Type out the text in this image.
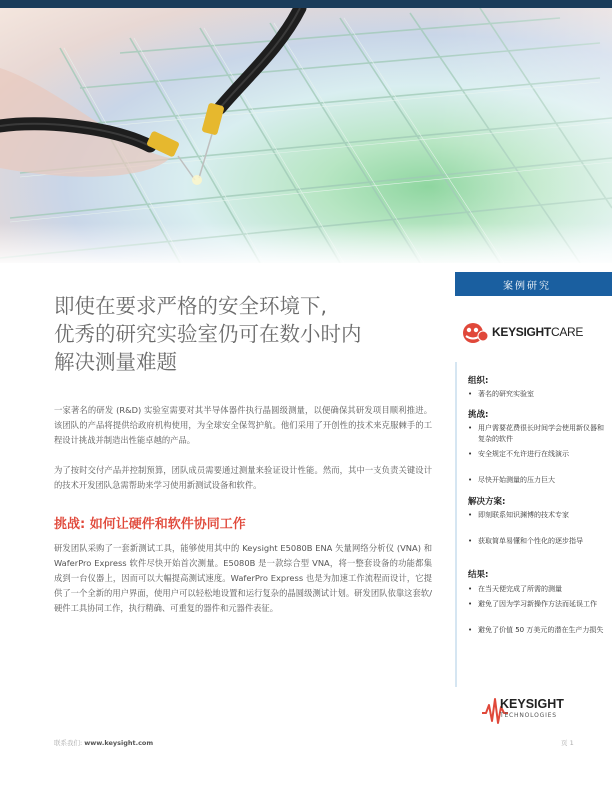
案例研究
即使在要求严格的安全环境下,
优秀的研究实验室仍可在数小时内
解决测量难题
KEYSIGHTCARE
组织:
• 著名的研究实验室
挑战:
• 用户需要花费很长时间学会使用新仪器和复杂的软件
• 安全规定不允许进行在线演示
• 尽快开始测量的压力巨大
解决方案:
• 即刻联系知识渊博的技术专家
• 获取简单易懂和个性化的逐步指导
结果:
• 在当天便完成了所需的测量
• 避免了因为学习新操作方法而延误工作
• 避免了价值 50 万美元的潜在生产力损失
一家著名的研发 (R&D) 实验室需要对其半导体器件执行晶圆级测量，以便确保其研发项目顺利推进。该团队的产品将提供给政府机构使用，为全球安全保驾护航。他们采用了开创性的技术来克服棘手的工程设计挑战并制造出性能卓越的产品。
为了按时交付产品并控制预算，团队成员需要通过测量来验证设计性能。然而，其中一支负责关键设计的技术开发团队急需帮助来学习使用新测试设备和软件。
挑战: 如何让硬件和软件协同工作
研发团队采购了一套新测试工具，能够使用其中的 Keysight E5080B ENA 矢量网络分析仪 (VNA) 和 WaferPro Express 软件尽快开始首次测量。E5080B 是一款综合型 VNA，将一整套设备的功能都集成到一台仪器上，因而可以大幅提高测试速度。WaferPro Express 也是为加速工作流程而设计，它提供了一个全新的用户界面，使用户可以轻松地设置和运行复杂的晶圆级测试计划。研发团队依靠这套软/硬件工具协同工作，执行精确、可重复的器件和元器件表征。
KEYSIGHT
TECHNOLOGIES
联系我们: www.keysight.com	页 1
